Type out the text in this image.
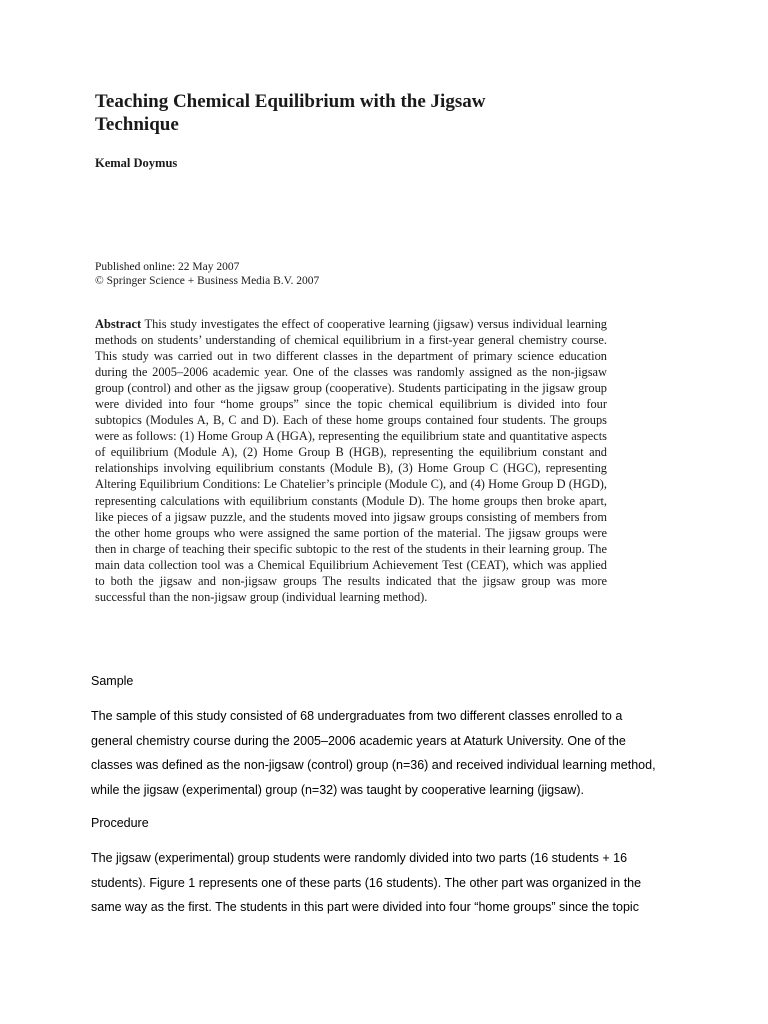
Teaching Chemical Equilibrium with the Jigsaw
Technique
Kemal Doymus
Published online: 22 May 2007
© Springer Science + Business Media B.V. 2007
Abstract This study investigates the effect of cooperative learning (jigsaw) versus individual learning methods on students’ understanding of chemical equilibrium in a first-year general chemistry course. This study was carried out in two different classes in the department of primary science education during the 2005–2006 academic year. One of the classes was randomly assigned as the non-jigsaw group (control) and other as the jigsaw group (cooperative). Students participating in the jigsaw group were divided into four “home groups” since the topic chemical equilibrium is divided into four subtopics (Modules A, B, C and D). Each of these home groups contained four students. The groups were as follows: (1) Home Group A (HGA), representing the equilibrium state and quantitative aspects of equilibrium (Module A), (2) Home Group B (HGB), representing the equilibrium constant and relationships involving equilibrium constants (Module B), (3) Home Group C (HGC), representing Altering Equilibrium Conditions: Le Chatelier’s principle (Module C), and (4) Home Group D (HGD), representing calculations with equilibrium constants (Module D). The home groups then broke apart, like pieces of a jigsaw puzzle, and the students moved into jigsaw groups consisting of members from the other home groups who were assigned the same portion of the material. The jigsaw groups were then in charge of teaching their specific subtopic to the rest of the students in their learning group. The main data collection tool was a Chemical Equilibrium Achievement Test (CEAT), which was applied to both the jigsaw and non-jigsaw groups The results indicated that the jigsaw group was more successful than the non-jigsaw group (individual learning method).
Sample
The sample of this study consisted of 68 undergraduates from two different classes enrolled to a
general chemistry course during the 2005–2006 academic years at Ataturk University. One of the
classes was defined as the non-jigsaw (control) group (n=36) and received individual learning method,
while the jigsaw (experimental) group (n=32) was taught by cooperative learning (jigsaw).
Procedure
The jigsaw (experimental) group students were randomly divided into two parts (16 students + 16
students). Figure 1 represents one of these parts (16 students). The other part was organized in the
same way as the first. The students in this part were divided into four “home groups” since the topic
